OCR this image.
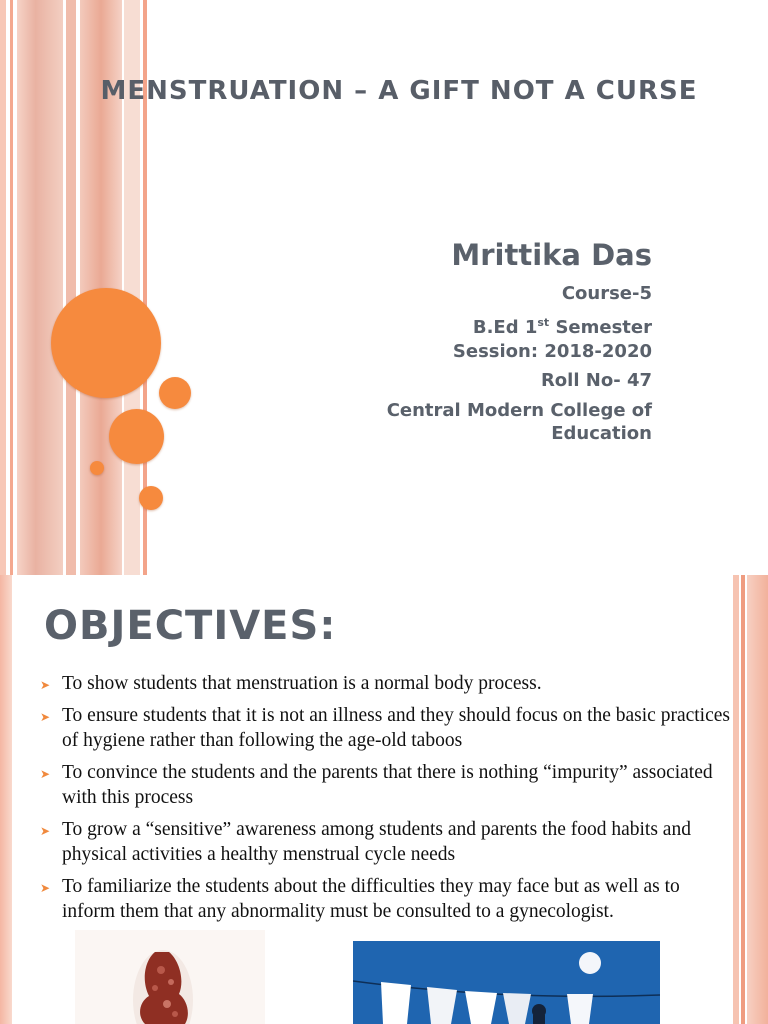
MENSTRUATION – A GIFT NOT A CURSE
Mrittika Das
Course-5
B.Ed 1st Semester
Session: 2018-2020
Roll No- 47
Central Modern College of
Education
OBJECTIVES:
➤ To show students that menstruation is a normal body process.
➤ To ensure students that it is not an illness and they should focus on the basic practices of hygiene rather than following the age-old taboos
➤ To convince the students and the parents that there is nothing “impurity” associated with this process
➤ To grow a “sensitive” awareness among students and parents the food habits and physical activities a healthy menstrual cycle needs
➤ To familiarize the students about the difficulties they may face but as well as to inform them that any abnormality must be consulted to a gynecologist.
